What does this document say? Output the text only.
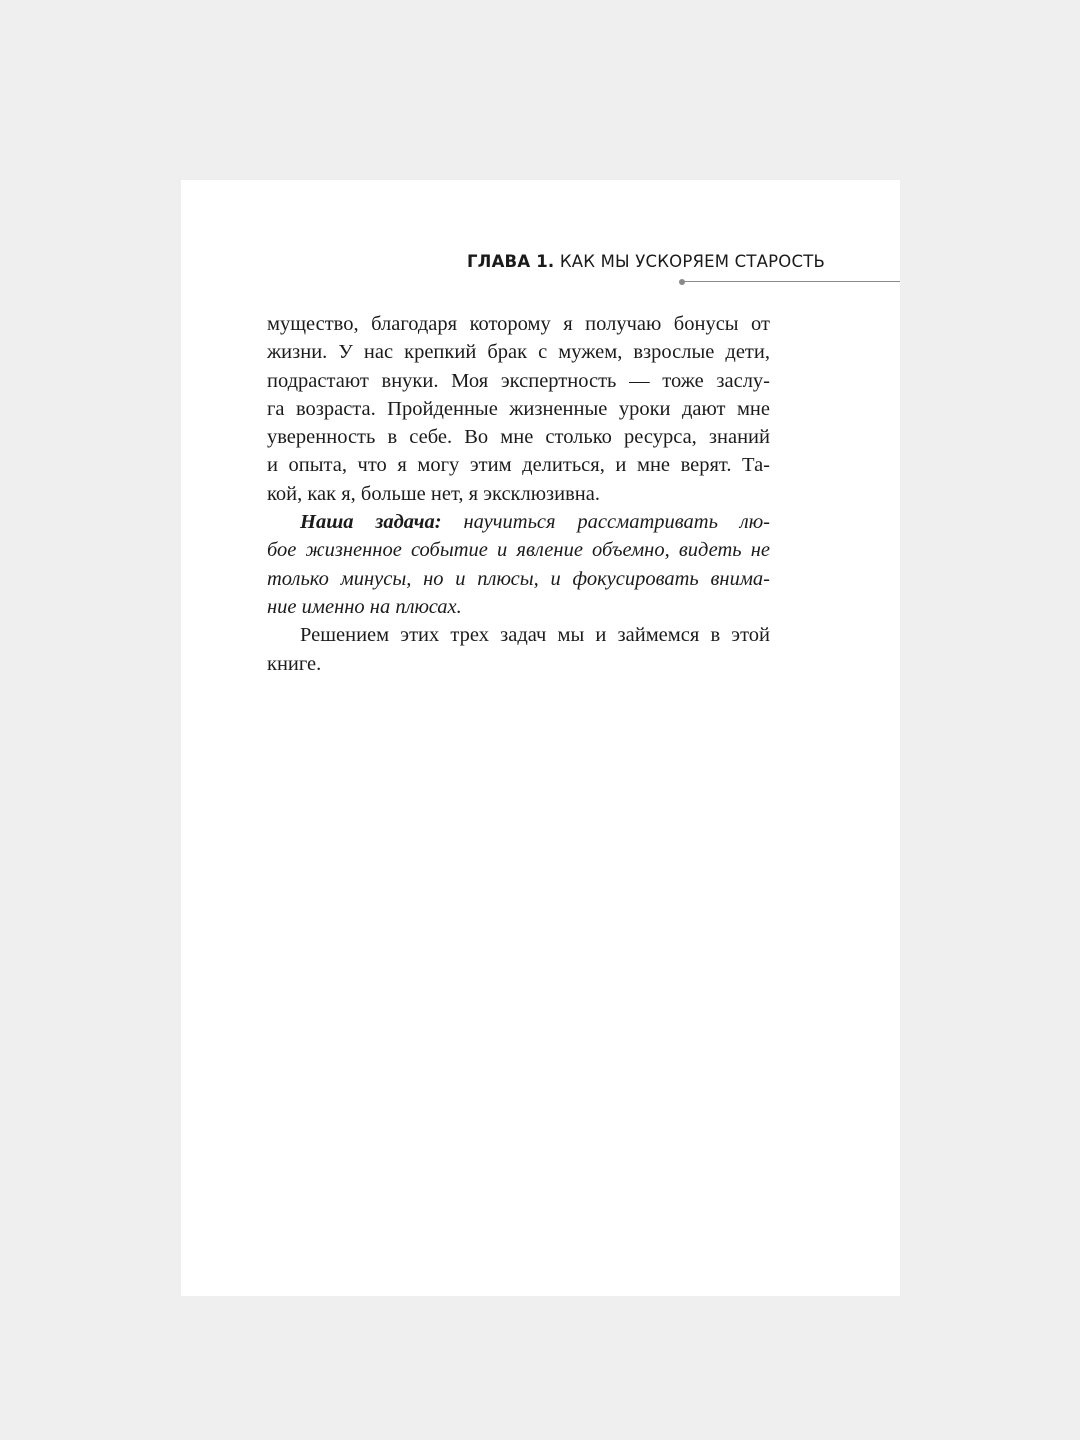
ГЛАВА 1. КАК МЫ УСКОРЯЕМ СТАРОСТЬ
мущество, благодаря которому я получаю бонусы от
жизни. У нас крепкий брак с мужем, взрослые дети,
подрастают внуки. Моя экспертность — тоже заслу-
га возраста. Пройденные жизненные уроки дают мне
уверенность в себе. Во мне столько ресурса, знаний
и опыта, что я могу этим делиться, и мне верят. Та-
кой, как я, больше нет, я эксклюзивна.
Наша задача: научиться рассматривать лю-
бое жизненное событие и явление объемно, видеть не
только минусы, но и плюсы, и фокусировать внима-
ние именно на плюсах.
Решением этих трех задач мы и займемся в этой
книге.
